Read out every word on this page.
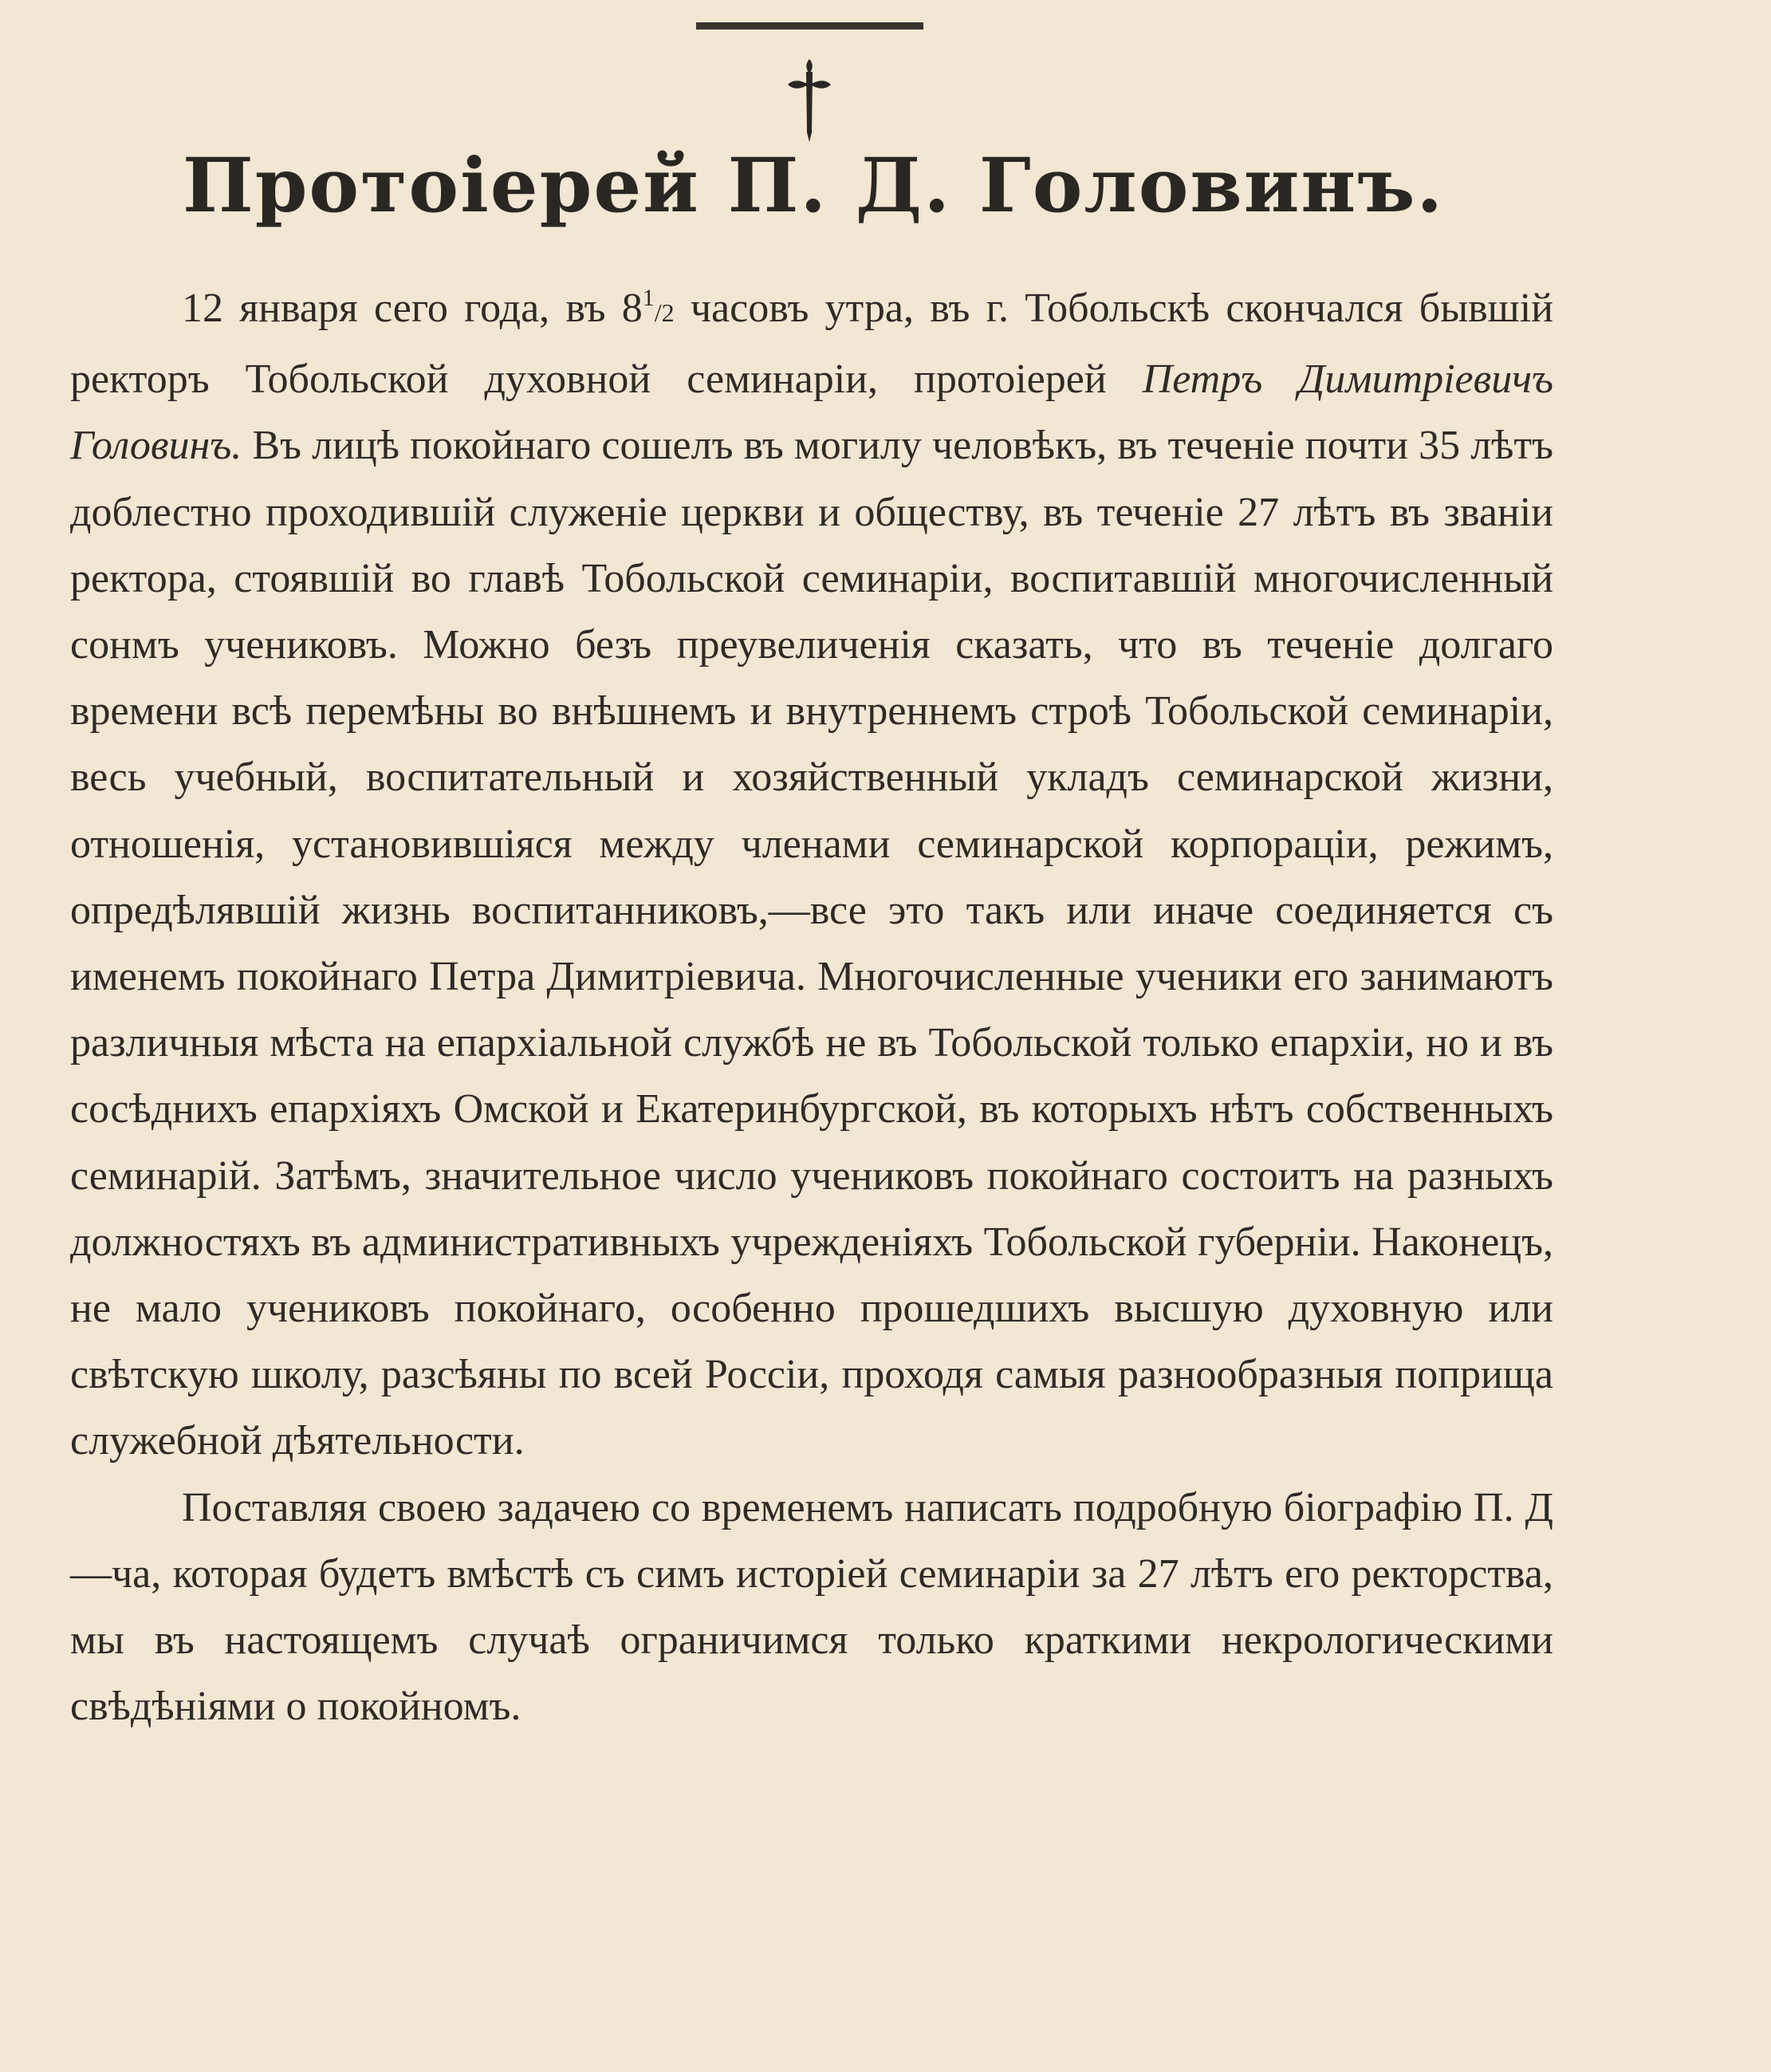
Протоіерей П. Д. Головинъ.

12 января сего года, въ $8^1/2$ часовъ утра, въ г. Тобольскѣ скончался бывшій ректоръ Тобольской духовной семинаріи, протоіерей Петръ Димитріевичъ Головинъ. Въ лицѣ покойнаго сошелъ въ могилу человѣкъ, въ теченіе почти 35 лѣтъ доблестно проходившій служеніе церкви и обществу, въ теченіе 27 лѣтъ въ званіи ректора, стоявшій во главѣ Тобольской семинаріи, воспитавшій многочисленный сонмъ учениковъ. Можно безъ преувеличенія сказать, что въ теченіе долгаго времени всѣ перемѣны во внѣшнемъ и внутреннемъ строѣ Тобольской семинаріи, весь учебный, воспитательный и хозяйственный укладъ семинарской жизни, отношенія, установившіяся между членами семинарской корпораціи, режимъ, опредѣлявшій жизнь воспитанниковъ,—все это такъ или иначе соединяется съ именемъ покойнаго Петра Димитріевича. Многочисленные ученики его занимаютъ различныя мѣста на епархіальной службѣ не въ Тобольской только епархіи, но и въ сосѣднихъ епархіяхъ Омской и Екатеринбургской, въ которыхъ нѣтъ собственныхъ семинарій. Затѣмъ, значительное число учениковъ покойнаго состоитъ на разныхъ должностяхъ въ административныхъ учрежденіяхъ Тобольской губерніи. Наконецъ, не мало учениковъ покойнаго, особенно прошедшихъ высшую духовную или свѣтскую школу, разсѣяны по всей Россіи, проходя самыя разнообразныя поприща служебной дѣятельности.

Поставляя своею задачею со временемъ написать подробную біографію П. Д—ча, которая будетъ вмѣстѣ съ симъ исторіей семинаріи за 27 лѣтъ его ректорства, мы въ настоящемъ случаѣ ограничимся только краткими некрологическими свѣдѣніями о покойномъ.
